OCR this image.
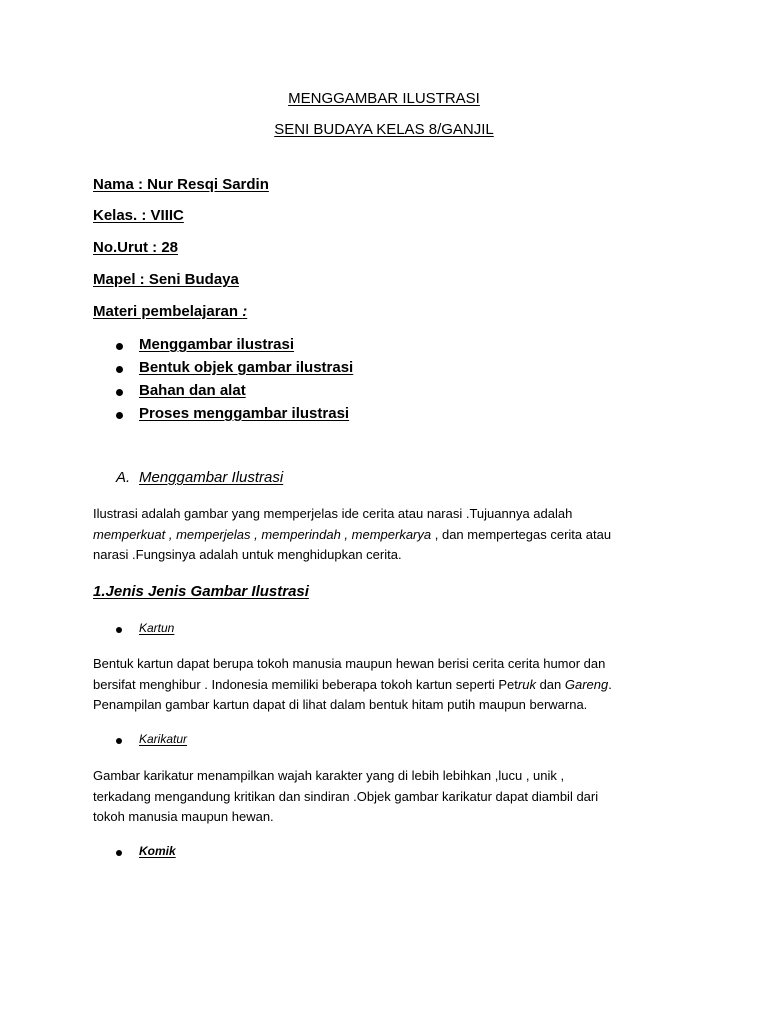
MENGGAMBAR ILUSTRASI
SENI BUDAYA KELAS 8/GANJIL
Nama : Nur Resqi Sardin
Kelas. : VIIIC
No.Urut : 28
Mapel : Seni Budaya
Materi pembelajaran :
Menggambar ilustrasi
Bentuk objek gambar ilustrasi
Bahan dan alat
Proses menggambar ilustrasi
A. Menggambar Ilustrasi
Ilustrasi adalah gambar yang memperjelas ide cerita atau narasi .Tujuannya adalah
memperkuat , memperjelas , memperindah , memperkarya , dan mempertegas cerita atau
narasi .Fungsinya adalah untuk menghidupkan cerita.
1.Jenis Jenis Gambar Ilustrasi
Kartun
Bentuk kartun dapat berupa tokoh manusia maupun hewan berisi cerita cerita humor dan
bersifat menghibur . Indonesia memiliki beberapa tokoh kartun seperti Petruk dan Gareng.
Penampilan gambar kartun dapat di lihat dalam bentuk hitam putih maupun berwarna.
Karikatur
Gambar karikatur menampilkan wajah karakter yang di lebih lebihkan ,lucu , unik ,
terkadang mengandung kritikan dan sindiran .Objek gambar karikatur dapat diambil dari
tokoh manusia maupun hewan.
Komik
